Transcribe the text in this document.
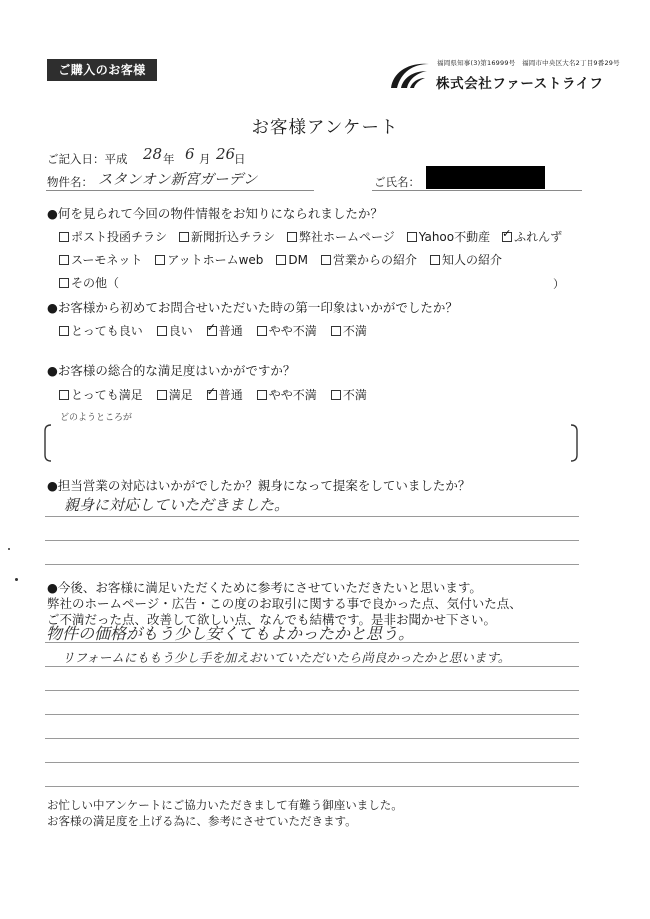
ご購入のお客様	福岡県知事(3)第16999号　福岡市中央区大名2丁目9番29号
株式会社ファーストライフ
お客様アンケート
ご記入日：平成 28 年 6 月 26
日
物件名： スタンオン新宮ガーデン	ご氏名：
●何を見られて今回の物件情報をお知りになられましたか？
ポスト投函チラシ 新聞折込チラシ 弊社ホームページ Yahoo不動産 ✓ ふれんず
スーモネット アットホームweb DM 営業からの紹介 知人の紹介
その他（	）
●お客様から初めてお問合せいただいた時の第一印象はいかがでしたか？
とっても良い 良い ✓ 普通 やや不満 不満
●お客様の総合的な満足度はいかがですか？
とっても満足 満足 ✓ 普通 やや不満 不満
どのようところが
●担当営業の対応はいかがでしたか？親身になって提案をしていましたか？
親身に対応していただきました。
●今後、お客様に満足いただくために参考にさせていただきたいと思います。
弊社のホームページ・広告・この度のお取引に関する事で良かった点、気付いた点、
ご不満だった点、改善して欲しい点、なんでも結構です。是非お聞かせ下さい。
物件の価格がもう少し安くてもよかったかと思う。
リフォームにももう少し手を加えおいていただいたら尚良かったかと思います。
お忙しい中アンケートにご協力いただきまして有難う御座いました。
お客様の満足度を上げる為に、参考にさせていただきます。
